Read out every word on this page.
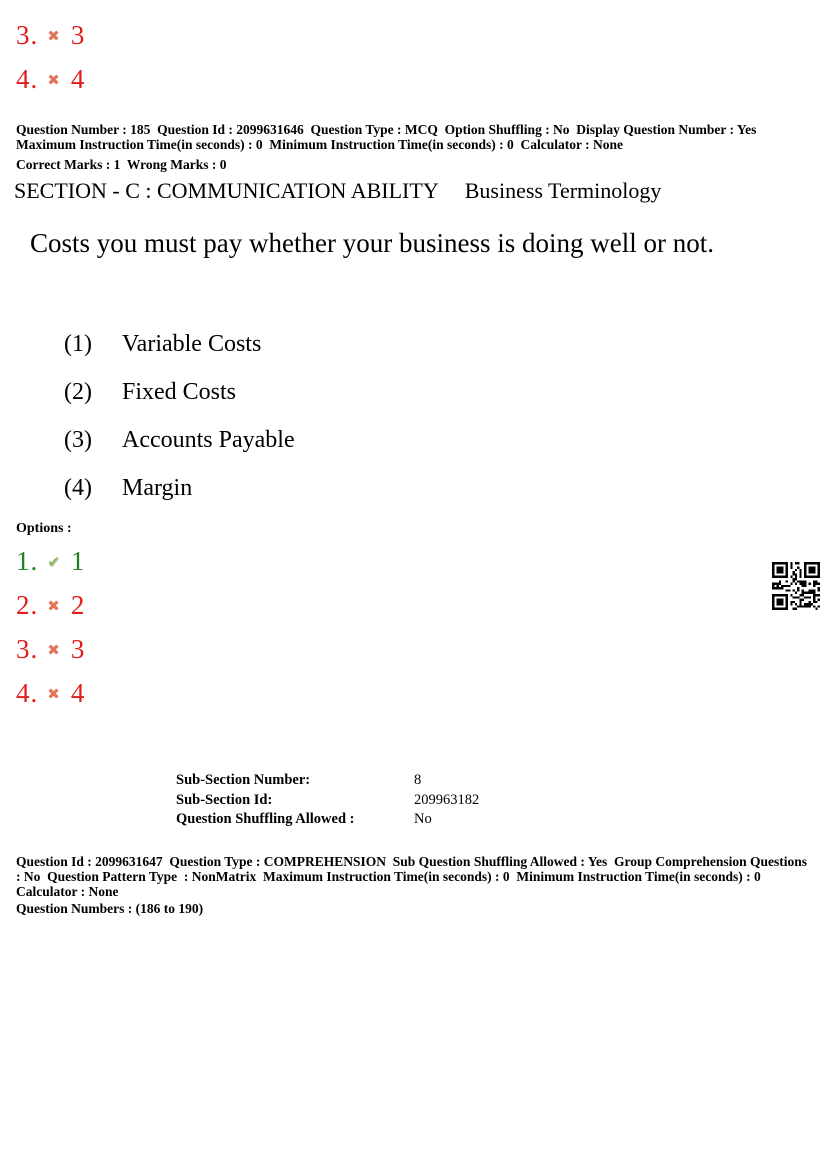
3. ✖ 3
4. ✖ 4
Question Number : 185  Question Id : 2099631646  Question Type : MCQ  Option Shuffling : No  Display Question Number : Yes  Maximum Instruction Time(in seconds) : 0  Minimum Instruction Time(in seconds) : 0  Calculator : None
Correct Marks : 1  Wrong Marks : 0
SECTION - C : COMMUNICATION ABILITY Business Terminology
Costs you must pay whether your business is doing well or not.
(1) Variable Costs
(2) Fixed Costs
(3) Accounts Payable
(4) Margin
Options :
1. ✔ 1
2. ✖ 2
3. ✖ 3
4. ✖ 4
Sub-Section Number:	8
Sub-Section Id:	209963182
Question Shuffling Allowed :	No
Question Id : 2099631647  Question Type : COMPREHENSION  Sub Question Shuffling Allowed : Yes  Group Comprehension Questions : No  Question Pattern Type  : NonMatrix  Maximum Instruction Time(in seconds) : 0  Minimum Instruction Time(in seconds) : 0  Calculator : None
Question Numbers : (186 to 190)
